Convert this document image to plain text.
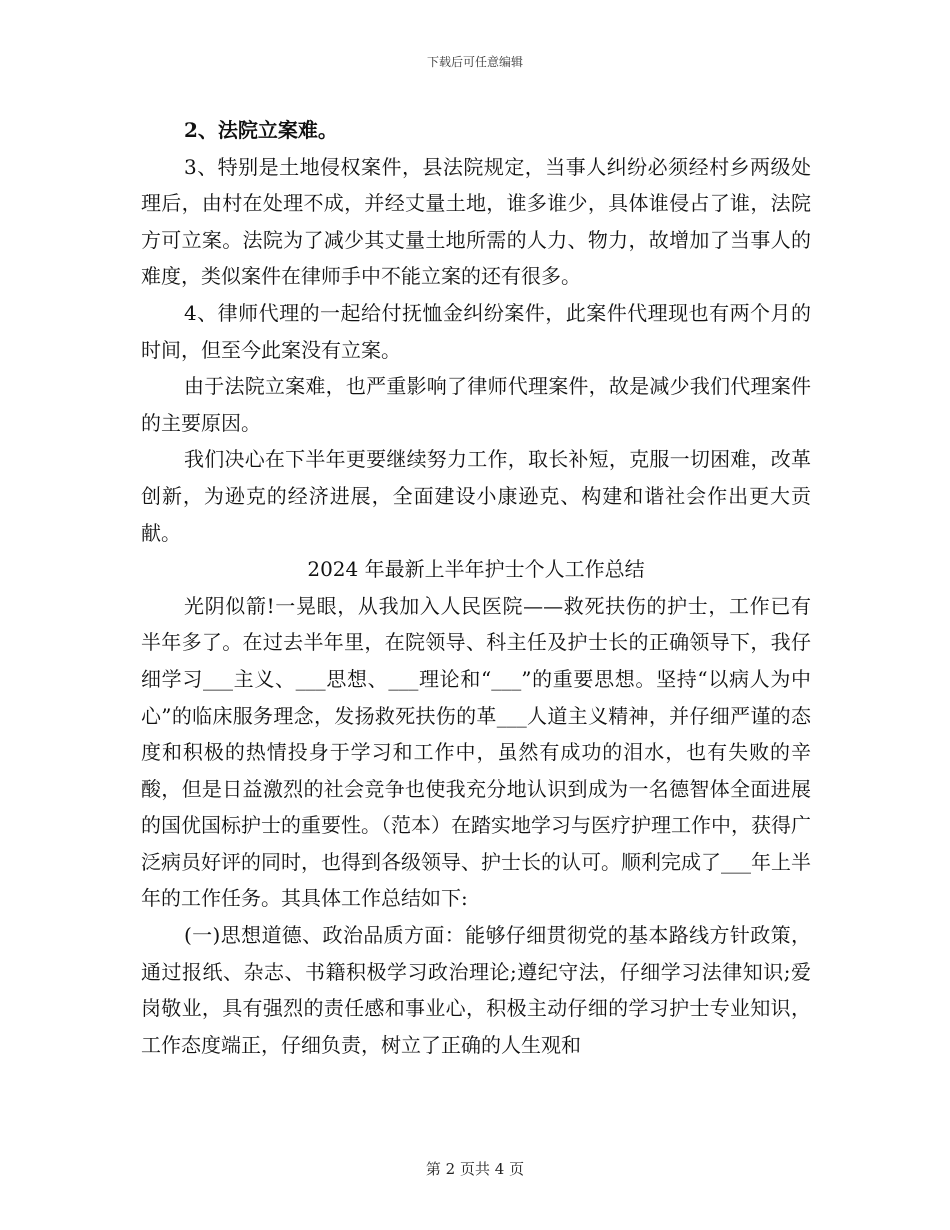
下载后可任意编辑

2、法院立案难。

3、特别是土地侵权案件，县法院规定，当事人纠纷必须经村乡两级处理后，由村在处理不成，并经丈量土地，谁多谁少，具体谁侵占了谁，法院方可立案。法院为了减少其丈量土地所需的人力、物力，故增加了当事人的难度，类似案件在律师手中不能立案的还有很多。

4、律师代理的一起给付抚恤金纠纷案件，此案件代理现也有两个月的时间，但至今此案没有立案。

由于法院立案难，也严重影响了律师代理案件，故是减少我们代理案件的主要原因。

我们决心在下半年更要继续努力工作，取长补短，克服一切困难，改革创新，为逊克的经济进展，全面建设小康逊克、构建和谐社会作出更大贡献。

2024 年最新上半年护士个人工作总结

光阴似箭!一晃眼，从我加入人民医院——救死扶伤的护士，工作已有半年多了。在过去半年里，在院领导、科主任及护士长的正确领导下，我仔细学习___主义、___思想、___理论和“___”的重要思想。坚持“以病人为中心”的临床服务理念，发扬救死扶伤的革___人道主义精神，并仔细严谨的态度和积极的热情投身于学习和工作中，虽然有成功的泪水，也有失败的辛酸，但是日益激烈的社会竞争也使我充分地认识到成为一名德智体全面进展的国优国标护士的重要性。（范本）在踏实地学习与医疗护理工作中，获得广泛病员好评的同时，也得到各级领导、护士长的认可。顺利完成了___年上半年的工作任务。其具体工作总结如下:

(一)思想道德、政治品质方面：能够仔细贯彻党的基本路线方针政策，通过报纸、杂志、书籍积极学习政治理论;遵纪守法，仔细学习法律知识;爱岗敬业，具有强烈的责任感和事业心，积极主动仔细的学习护士专业知识，工作态度端正，仔细负责，树立了正确的人生观和

第 2 页共 4 页
